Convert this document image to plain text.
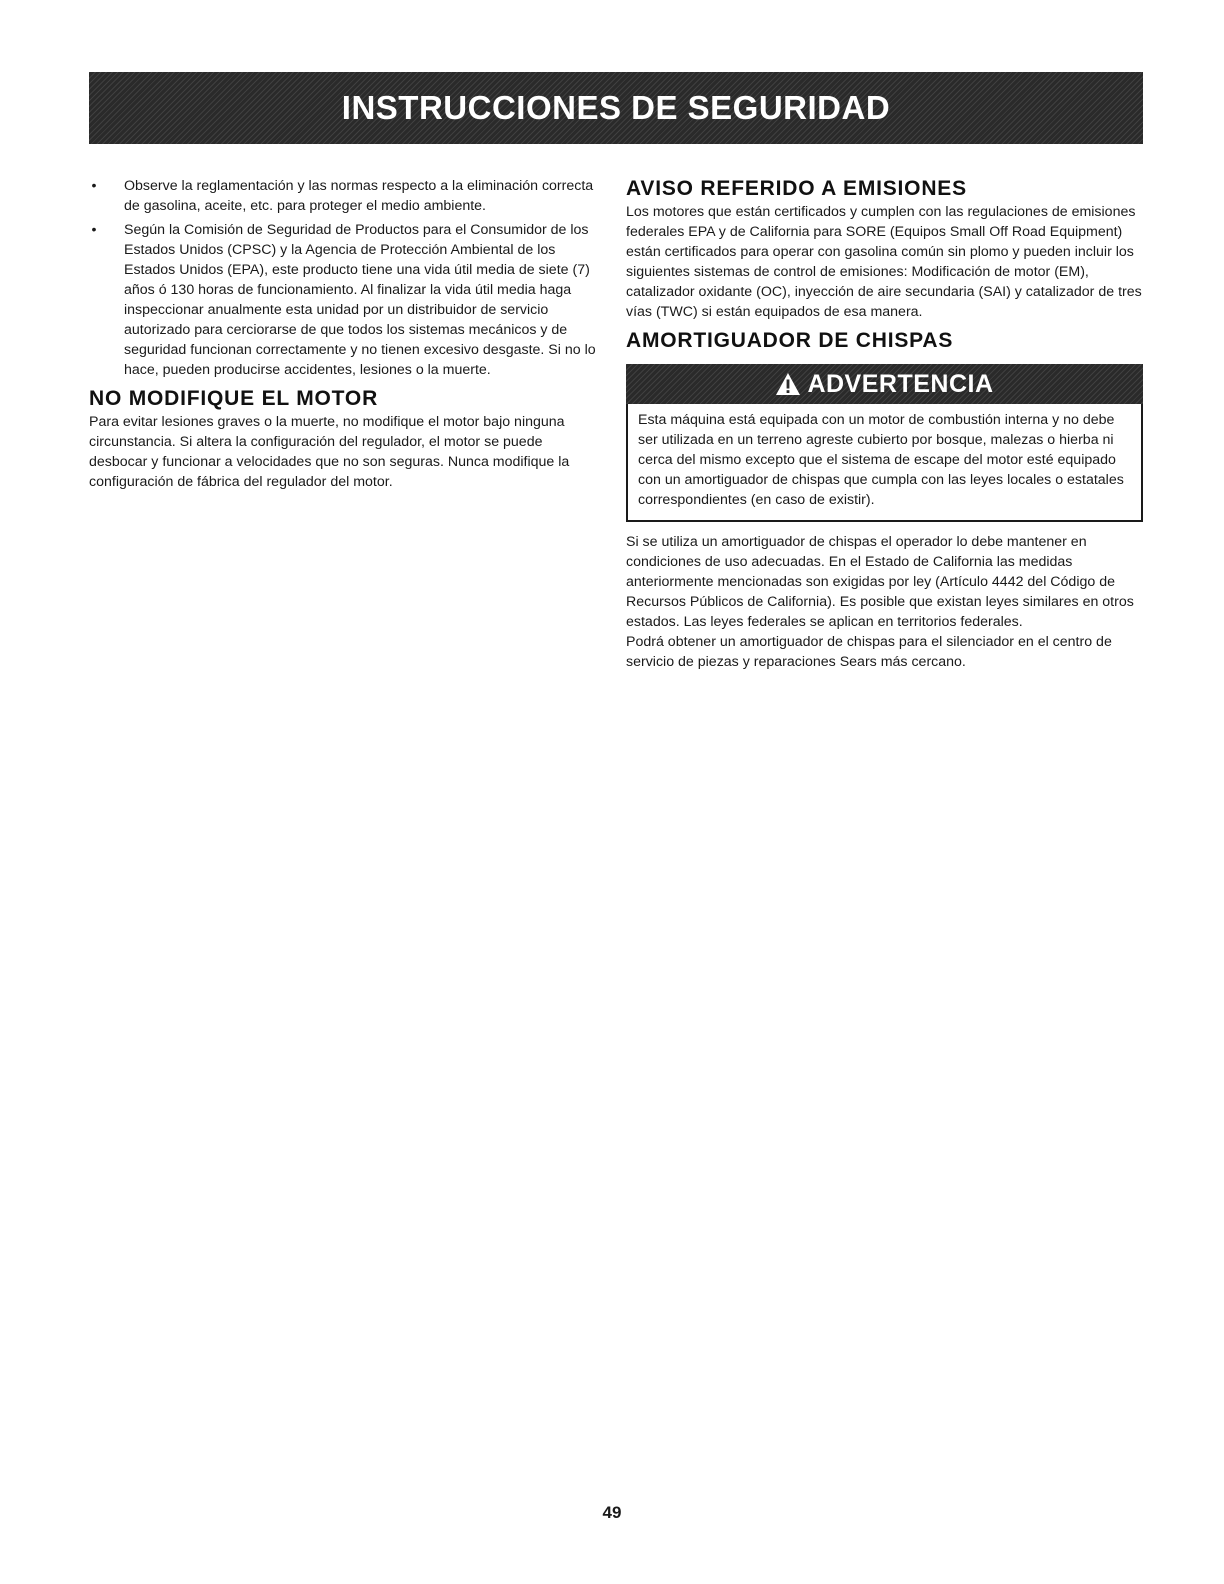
INSTRUCCIONES DE SEGURIDAD
• Observe la reglamentación y las normas respecto a la eliminación correcta de gasolina, aceite, etc. para proteger el medio ambiente.
• Según la Comisión de Seguridad de Productos para el Consumidor de los Estados Unidos (CPSC) y la Agencia de Protección Ambiental de los Estados Unidos (EPA), este producto tiene una vida útil media de siete (7) años ó 130 horas de funcionamiento. Al finalizar la vida útil media haga inspeccionar anualmente esta unidad por un distribuidor de servicio autorizado para cerciorarse de que todos los sistemas mecánicos y de seguridad funcionan correctamente y no tienen excesivo desgaste. Si no lo hace, pueden producirse accidentes, lesiones o la muerte.
NO MODIFIQUE EL MOTOR

Para evitar lesiones graves o la muerte, no modifique el motor bajo ninguna circunstancia. Si altera la configuración del regulador, el motor se puede desbocar y funcionar a velocidades que no son seguras. Nunca modifique la configuración de fábrica del regulador del motor.

AVISO REFERIDO A EMISIONES

Los motores que están certificados y cumplen con las regulaciones de emisiones federales EPA y de California para SORE (Equipos Small Off Road Equipment) están certificados para operar con gasolina común sin plomo y pueden incluir los siguientes sistemas de control de emisiones: Modificación de motor (EM), catalizador oxidante (OC), inyección de aire secundaria (SAI) y catalizador de tres vías (TWC) si están equipados de esa manera.

AMORTIGUADOR DE CHISPAS
ADVERTENCIA
Esta máquina está equipada con un motor de combustión interna y no debe ser utilizada en un terreno agreste cubierto por bosque, malezas o hierba ni cerca del mismo excepto que el sistema de escape del motor esté equipado con un amortiguador de chispas que cumpla con las leyes locales o estatales correspondientes (en caso de existir).

Si se utiliza un amortiguador de chispas el operador lo debe mantener en condiciones de uso adecuadas. En el Estado de California las medidas anteriormente mencionadas son exigidas por ley (Artículo 4442 del Código de Recursos Públicos de California). Es posible que existan leyes similares en otros estados. Las leyes federales se aplican en territorios federales.

Podrá obtener un amortiguador de chispas para el silenciador en el centro de servicio de piezas y reparaciones Sears más cercano.

49
